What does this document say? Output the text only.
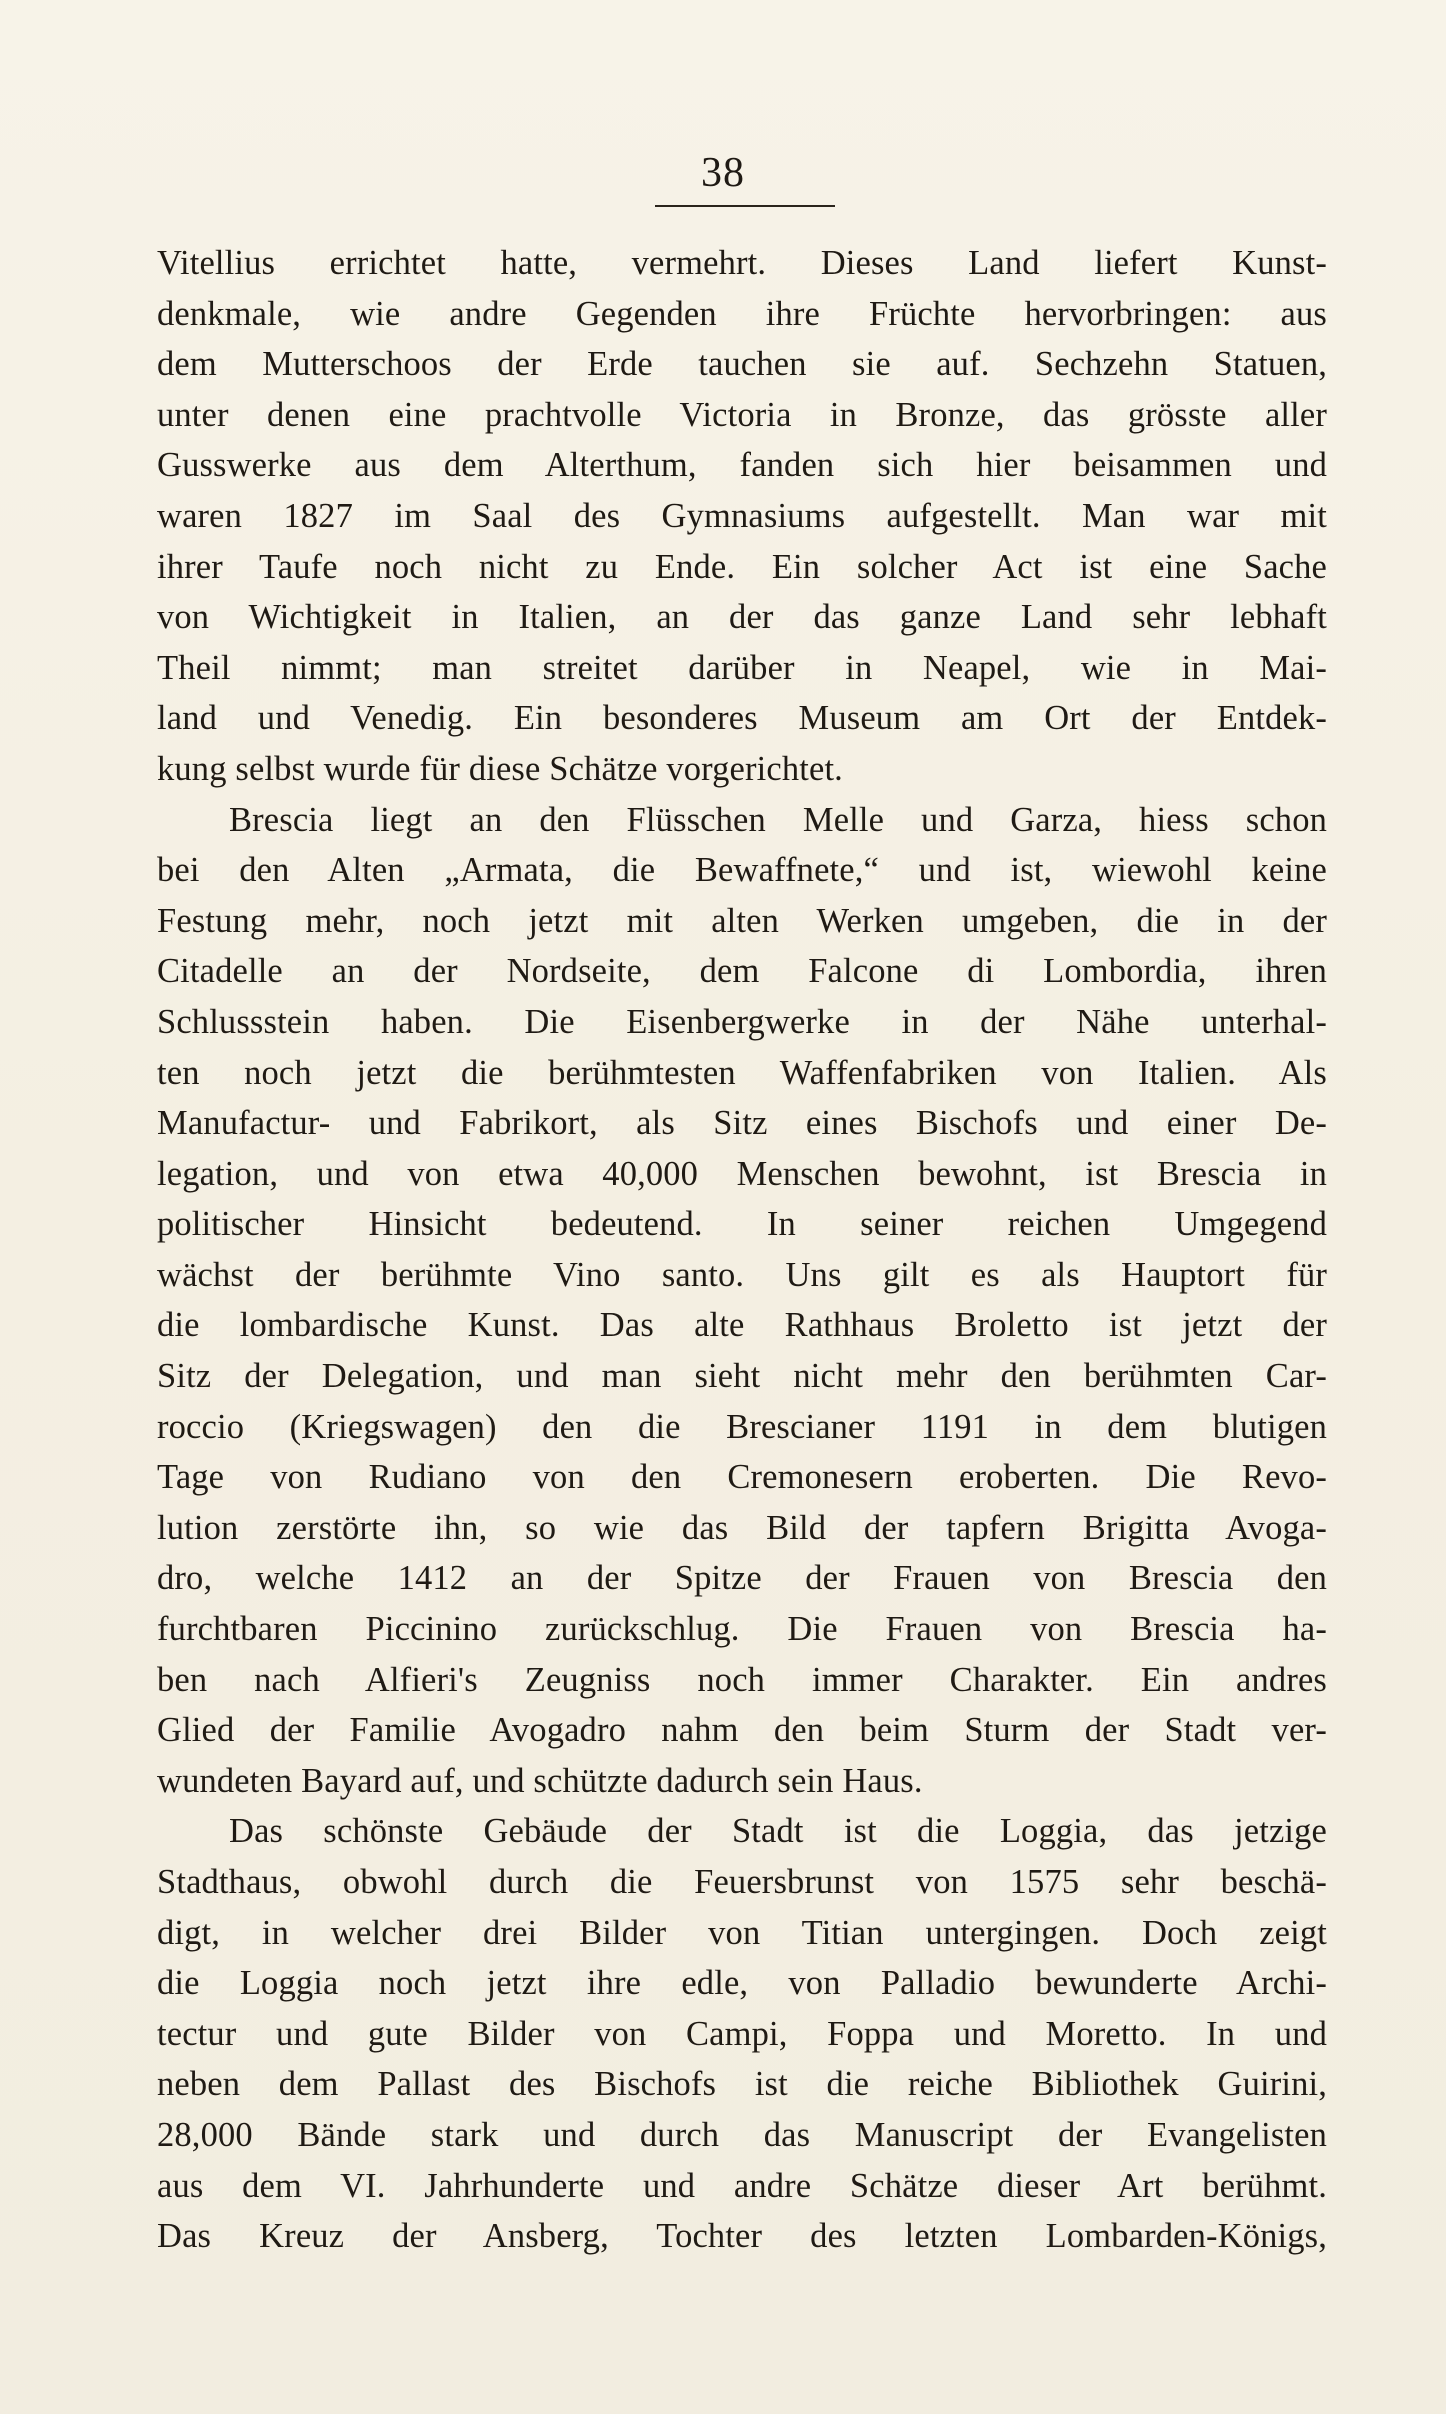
38
Vitellius errichtet hatte, vermehrt. Dieses Land liefert Kunst-
denkmale, wie andre Gegenden ihre Früchte hervorbringen: aus
dem Mutterschoos der Erde tauchen sie auf. Sechzehn Statuen,
unter denen eine prachtvolle Victoria in Bronze, das grösste aller
Gusswerke aus dem Alterthum, fanden sich hier beisammen und
waren 1827 im Saal des Gymnasiums aufgestellt. Man war mit
ihrer Taufe noch nicht zu Ende. Ein solcher Act ist eine Sache
von Wichtigkeit in Italien, an der das ganze Land sehr lebhaft
Theil nimmt; man streitet darüber in Neapel, wie in Mai-
land und Venedig. Ein besonderes Museum am Ort der Entdek-
kung selbst wurde für diese Schätze vorgerichtet.
Brescia liegt an den Flüsschen Melle und Garza, hiess schon
bei den Alten „Armata, die Bewaffnete,“ und ist, wiewohl keine
Festung mehr, noch jetzt mit alten Werken umgeben, die in der
Citadelle an der Nordseite, dem Falcone di Lombordia, ihren
Schlussstein haben. Die Eisenbergwerke in der Nähe unterhal-
ten noch jetzt die berühmtesten Waffenfabriken von Italien. Als
Manufactur- und Fabrikort, als Sitz eines Bischofs und einer De-
legation, und von etwa 40,000 Menschen bewohnt, ist Brescia in
politischer Hinsicht bedeutend. In seiner reichen Umgegend
wächst der berühmte Vino santo. Uns gilt es als Hauptort für
die lombardische Kunst. Das alte Rathhaus Broletto ist jetzt der
Sitz der Delegation, und man sieht nicht mehr den berühmten Car-
roccio (Kriegswagen) den die Brescianer 1191 in dem blutigen
Tage von Rudiano von den Cremonesern eroberten. Die Revo-
lution zerstörte ihn, so wie das Bild der tapfern Brigitta Avoga-
dro, welche 1412 an der Spitze der Frauen von Brescia den
furchtbaren Piccinino zurückschlug. Die Frauen von Brescia ha-
ben nach Alfieri's Zeugniss noch immer Charakter. Ein andres
Glied der Familie Avogadro nahm den beim Sturm der Stadt ver-
wundeten Bayard auf, und schützte dadurch sein Haus.
Das schönste Gebäude der Stadt ist die Loggia, das jetzige
Stadthaus, obwohl durch die Feuersbrunst von 1575 sehr beschä-
digt, in welcher drei Bilder von Titian untergingen. Doch zeigt
die Loggia noch jetzt ihre edle, von Palladio bewunderte Archi-
tectur und gute Bilder von Campi, Foppa und Moretto. In und
neben dem Pallast des Bischofs ist die reiche Bibliothek Guirini,
28,000 Bände stark und durch das Manuscript der Evangelisten
aus dem VI. Jahrhunderte und andre Schätze dieser Art berühmt.
Das Kreuz der Ansberg, Tochter des letzten Lombarden-Königs,
